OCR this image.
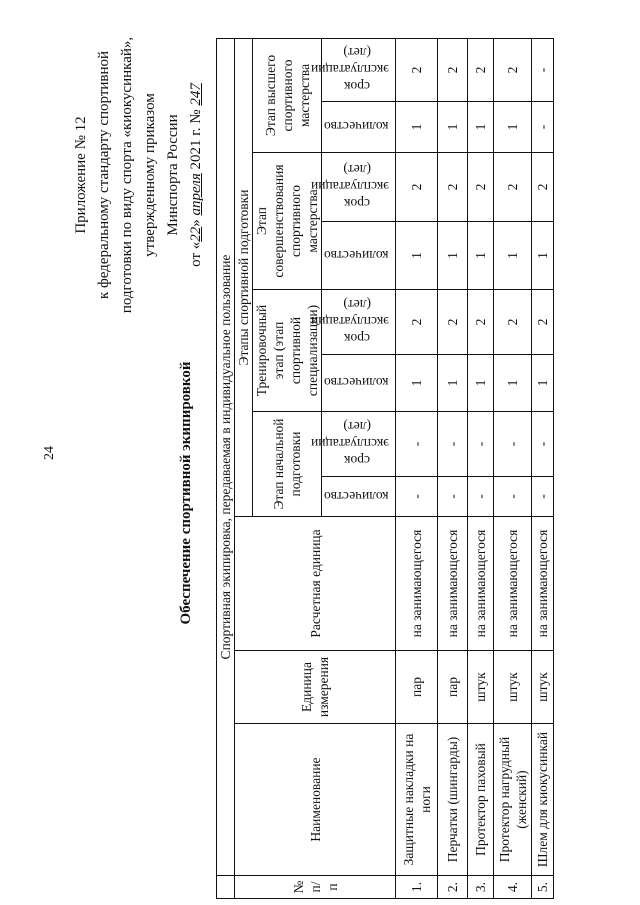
24
Приложение № 12 к федеральному стандарту спортивной подготовки по виду спорта «киокусинкай», утвержденному приказом Минспорта России
от «22» апреля 2021 г. № 247
Обеспечение спортивной экипировкой
	Спортивная экипировка, передаваемая в индивидуальное пользование										
№ п/п	Наименование	Единица измерения	Расчетная единица	Этапы спортивной подготовки							
				Этап начальной подготовки		Тренировочный этап (этап спортивной специализации)		Этап совершенствования спортивного мастерства		Этап высшего спортивного мастерства	
				количество	срок эксплуатации (лет)	количество	срок эксплуатации (лет)	количество	срок эксплуатации (лет)	количество	срок эксплуатации (лет)
1.	Защитные накладки на ноги	пар	на занимающегося	-	-	1	2	1	2	1	2
2.	Перчатки (шингарды)	пар	на занимающегося	-	-	1	2	1	2	1	2
3.	Протектор паховый	штук	на занимающегося	-	-	1	2	1	2	1	2
4.	Протектор нагрудный (женский)	штук	на занимающегося	-	-	1	2	1	2	1	2
5.	Шлем для киокусинкай	штук	на занимающегося	-	-	1	2	1	2	-	-
